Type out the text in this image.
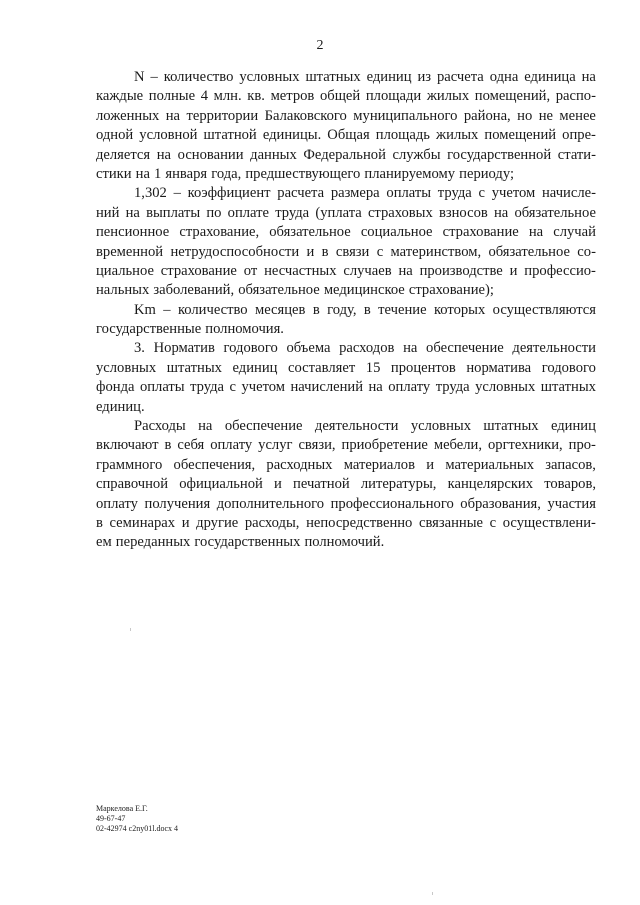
2
N – количество условных штатных единиц из расчета одна единица на
каждые полные 4 млн. кв. метров общей площади жилых помещений, распо-
ложенных на территории Балаковского муниципального района, но не менее
одной условной штатной единицы. Общая площадь жилых помещений опре-
деляется на основании данных Федеральной службы государственной стати-
стики на 1 января года, предшествующего планируемому периоду;
1,302 – коэффициент расчета размера оплаты труда с учетом начисле-
ний на выплаты по оплате труда (уплата страховых взносов на обязательное
пенсионное страхование, обязательное социальное страхование на случай
временной нетрудоспособности и в связи с материнством, обязательное со-
циальное страхование от несчастных случаев на производстве и профессио-
нальных заболеваний, обязательное медицинское страхование);
Km – количество месяцев в году, в течение которых осуществляются
государственные полномочия.
3. Норматив годового объема расходов на обеспечение деятельности
условных штатных единиц составляет 15 процентов норматива годового
фонда оплаты труда с учетом начислений на оплату труда условных штатных
единиц.
Расходы на обеспечение деятельности условных штатных единиц
включают в себя оплату услуг связи, приобретение мебели, оргтехники, про-
граммного обеспечения, расходных материалов и материальных запасов,
справочной официальной и печатной литературы, канцелярских товаров,
оплату получения дополнительного профессионального образования, участия
в семинарах и другие расходы, непосредственно связанные с осуществлени-
ем переданных государственных полномочий.
Маркелова Е.Г.
49-67-47
02-42974 c2ny01l.docx 4
